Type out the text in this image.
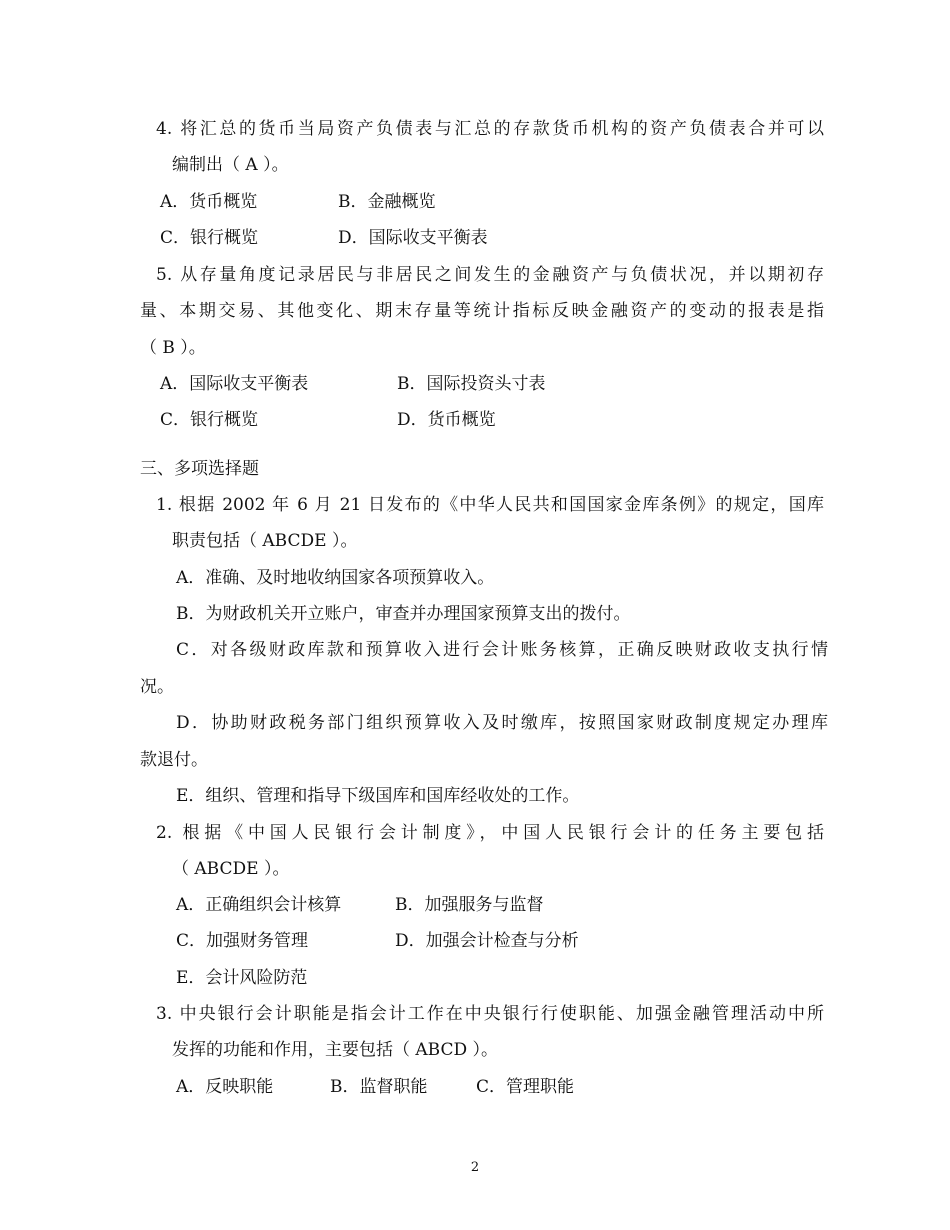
4. 将汇总的货币当局资产负债表与汇总的存款货币机构的资产负债表合并可以
编制出（ A ）。
A．货币概览	B．金融概览
C．银行概览	D．国际收支平衡表
5. 从存量角度记录居民与非居民之间发生的金融资产与负债状况，并以期初存
量、本期交易、其他变化、期末存量等统计指标反映金融资产的变动的报表是指
（ B ）。
A．国际收支平衡表	B．国际投资头寸表
C．银行概览	D．货币概览
三、多项选择题
1. 根据 2002 年 6 月 21 日发布的《中华人民共和国国家金库条例》的规定，国库
职责包括（ ABCDE ）。
A．准确、及时地收纳国家各项预算收入。
B．为财政机关开立账户，审查并办理国家预算支出的拨付。
C．对各级财政库款和预算收入进行会计账务核算，正确反映财政收支执行情
况。
D．协助财政税务部门组织预算收入及时缴库，按照国家财政制度规定办理库
款退付。
E．组织、管理和指导下级国库和国库经收处的工作。
2. 根据《中国人民银行会计制度》，中国人民银行会计的任务主要包括
（ ABCDE ）。
A．正确组织会计核算	B．加强服务与监督
C．加强财务管理	D．加强会计检查与分析
E．会计风险防范
3. 中央银行会计职能是指会计工作在中央银行行使职能、加强金融管理活动中所
发挥的功能和作用，主要包括（ ABCD ）。
A．反映职能	B．监督职能	C．管理职能
2
